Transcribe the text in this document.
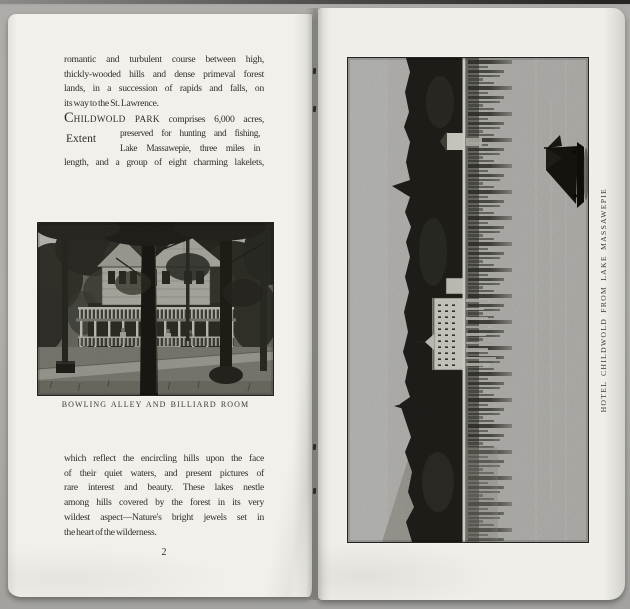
romantic and turbulent course between high,
thickly-wooded hills and dense primeval forest
lands, in a succession of rapids and falls, on
its way to the St. Lawrence.
CHILDWOLD PARK comprises 6,000 acres,
Extent	preserved for hunting and fishing,
Lake Massawepie, three miles in
length, and a group of eight charming lakelets,
BOWLING ALLEY AND BILLIARD ROOM
which reflect the encircling hills upon the face
of their quiet waters, and present pictures of
rare interest and beauty. These lakes nestle
among hills covered by the forest in its very
wildest aspect—Nature's bright jewels set in
the heart of the wilderness.
2
HOTEL CHILDWOLD FROM LAKE MASSAWEPIE
